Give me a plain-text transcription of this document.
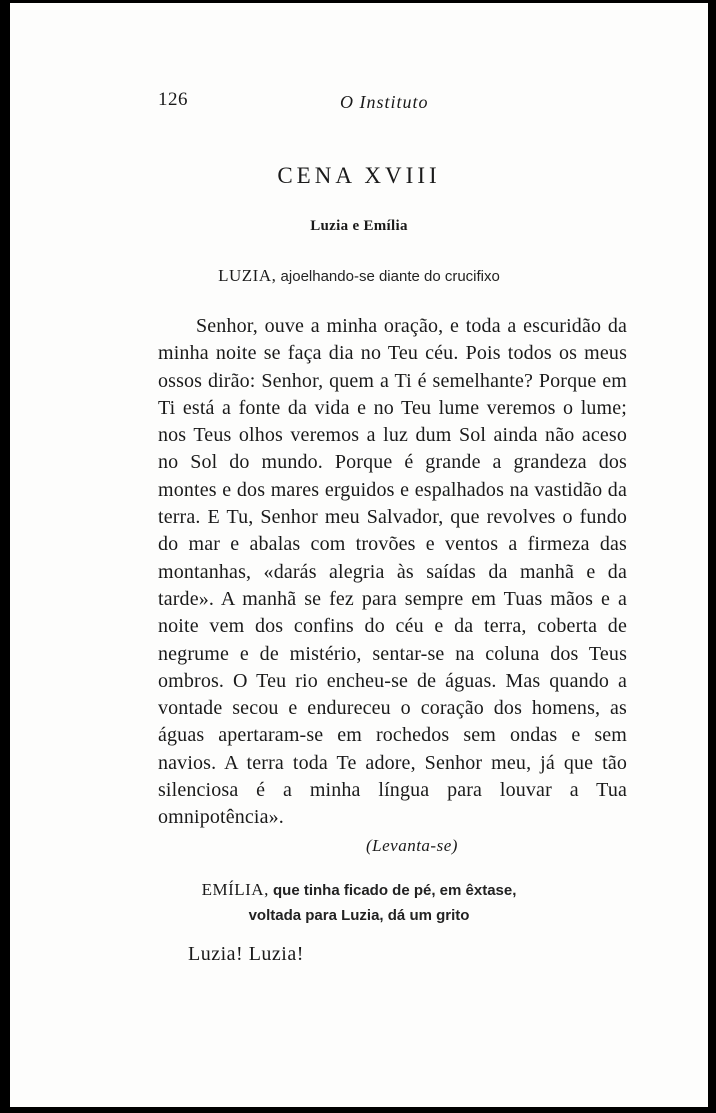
126	O Instituto
CENA XVIII
Luzia e Emília
LUZIA, ajoelhando-se diante do crucifixo

Senhor, ouve a minha oração, e toda a escuridão da minha noite se faça dia no Teu céu. Pois todos os meus ossos dirão: Senhor, quem a Ti é semelhante? Porque em Ti está a fonte da vida e no Teu lume veremos o lume; nos Teus olhos veremos a luz dum Sol ainda não aceso no Sol do mundo. Porque é grande a grandeza dos montes e dos mares erguidos e espalhados na vastidão da terra. E Tu, Senhor meu Salvador, que revolves o fundo do mar e abalas com trovões e ventos a firmeza das montanhas, «darás alegria às saídas da manhã e da tarde». A manhã se fez para sempre em Tuas mãos e a noite vem dos confins do céu e da terra, coberta de negrume e de mistério, sentar-se na coluna dos Teus ombros. O Teu rio encheu-se de águas. Mas quando a vontade secou e endureceu o coração dos homens, as águas apertaram-se em rochedos sem ondas e sem navios. A terra toda Te adore, Senhor meu, já que tão silenciosa é a minha língua para louvar a Tua omnipotência».

(Levanta-se)
EMÍLIA, que tinha ficado de pé, em êxtase,
voltada para Luzia, dá um grito
Luzia! Luzia!
